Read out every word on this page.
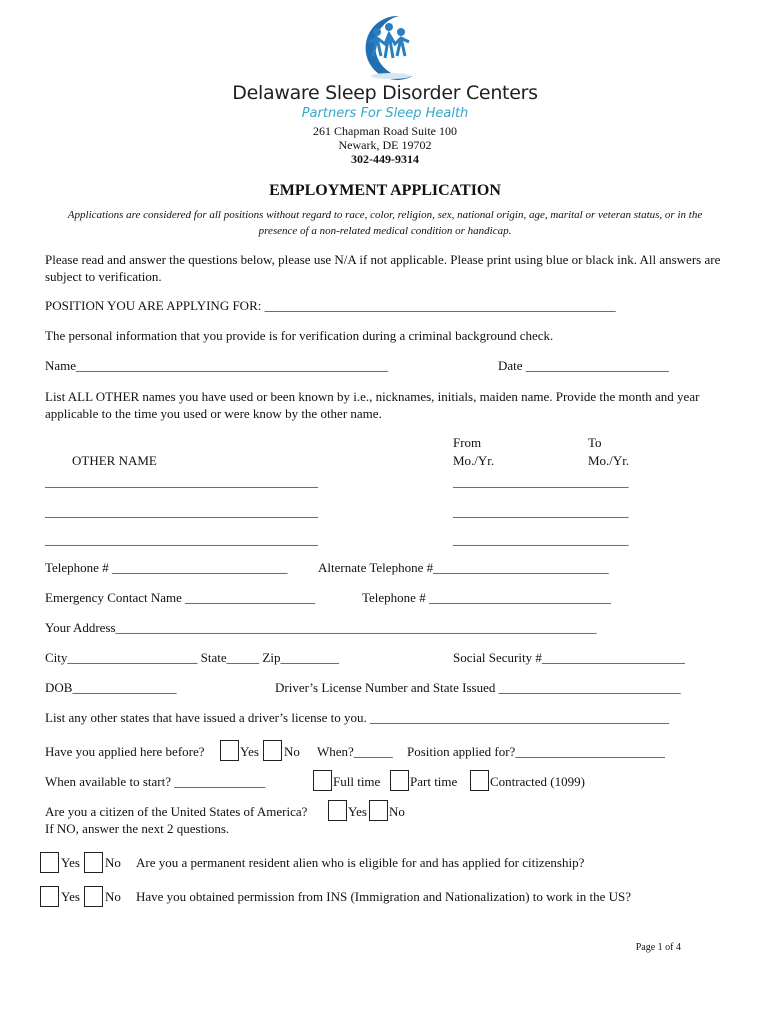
Delaware Sleep Disorder Centers
Partners For Sleep Health
261 Chapman Road Suite 100
Newark, DE 19702
302-449-9314
EMPLOYMENT APPLICATION
Applications are considered for all positions without regard to race, color, religion, sex, national origin, age, marital or veteran status, or in the presence of a non-related medical condition or handicap.
Please read and answer the questions below, please use N/A if not applicable. Please print using blue or black ink. All answers are subject to verification.
POSITION YOU ARE APPLYING FOR: ______________________________________________________
The personal information that you provide is for verification during a criminal background check.
Name________________________________________________	Date ______________________
List ALL OTHER names you have used or been known by i.e., nicknames, initials, maiden name. Provide the month and year applicable to the time you used or were know by the other name.
From	To
OTHER NAME	Mo./Yr.	Mo./Yr.
__________________________________________	___________________________
__________________________________________	___________________________
__________________________________________	___________________________
Telephone # ___________________________ Alternate Telephone #___________________________
Emergency Contact Name ____________________	Telephone # ____________________________
Your Address__________________________________________________________________________
City____________________ State_____ Zip_________	Social Security #______________________
DOB________________	Driver’s License Number and State Issued ____________________________
List any other states that have issued a driver’s license to you. ______________________________________________
Have you applied here before?	Yes No When?______ Position applied for?_______________________
When available to start? ______________	Full time Part time	Contracted (1099)
Are you a citizen of the United States of America?	Yes No
If NO, answer the next 2 questions.
Yes No Are you a permanent resident alien who is eligible for and has applied for citizenship?
Yes No Have you obtained permission from INS (Immigration and Nationalization) to work in the US?
Page 1 of 4
